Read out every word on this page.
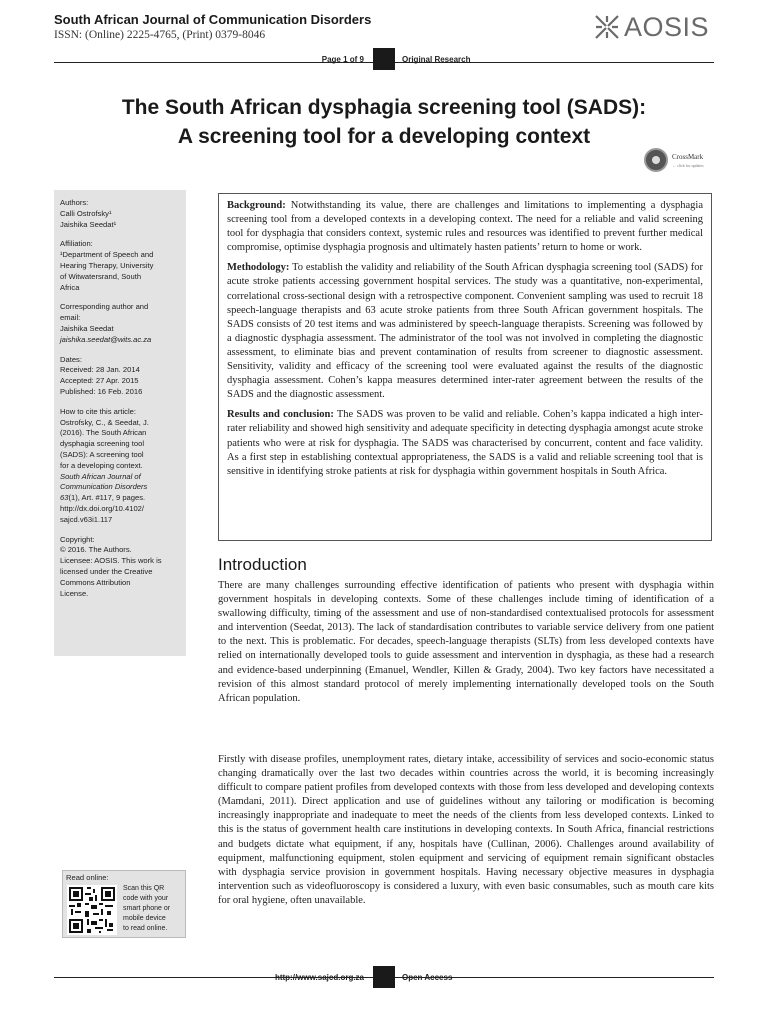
South African Journal of Communication Disorders
ISSN: (Online) 2225-4765, (Print) 0379-8046	AOSIS
Page 1 of 9	Original Research
The South African dysphagia screening tool (SADS):
A screening tool for a developing context
CrossMark
← click for updates
Authors:
Calli Ostrofsky¹
Jaishika Seedat¹
Affiliation:
¹Department of Speech and
Hearing Therapy, University
of Witwatersrand, South
Africa
Corresponding author and
email:
Jaishika Seedat
jaishika.seedat@wits.ac.za
Dates:
Received: 28 Jan. 2014
Accepted: 27 Apr. 2015
Published: 16 Feb. 2016
How to cite this article:
Ostrofsky, C., & Seedat, J.
(2016). The South African
dysphagia screening tool
(SADS): A screening tool
for a developing context.
South African Journal of
Communication Disorders
63(1), Art. #117, 9 pages.
http://dx.doi.org/10.4102/
sajcd.v63i1.117
Copyright:
© 2016. The Authors.
Licensee: AOSIS. This work is
licensed under the Creative
Commons Attribution
License.
Read online:
Scan this QR
code with your
smart phone or
mobile device
to read online.

Background: Notwithstanding its value, there are challenges and limitations to implementing a dysphagia screening tool from a developed contexts in a developing context. The need for a reliable and valid screening tool for dysphagia that considers context, systemic rules and resources was identified to prevent further medical compromise, optimise dysphagia prognosis and ultimately hasten patients’ return to home or work.

Methodology: To establish the validity and reliability of the South African dysphagia screening tool (SADS) for acute stroke patients accessing government hospital services. The study was a quantitative, non-experimental, correlational cross-sectional design with a retrospective component. Convenient sampling was used to recruit 18 speech-language therapists and 63 acute stroke patients from three South African government hospitals. The SADS consists of 20 test items and was administered by speech-language therapists. Screening was followed by a diagnostic dysphagia assessment. The administrator of the tool was not involved in completing the diagnostic assessment, to eliminate bias and prevent contamination of results from screener to diagnostic assessment. Sensitivity, validity and efficacy of the screening tool were evaluated against the results of the diagnostic dysphagia assessment. Cohen’s kappa measures determined inter-rater agreement between the results of the SADS and the diagnostic assessment.

Results and conclusion: The SADS was proven to be valid and reliable. Cohen’s kappa indicated a high inter-rater reliability and showed high sensitivity and adequate specificity in detecting dysphagia amongst acute stroke patients who were at risk for dysphagia. The SADS was characterised by concurrent, content and face validity. As a first step in establishing contextual appropriateness, the SADS is a valid and reliable screening tool that is sensitive in identifying stroke patients at risk for dysphagia within government hospitals in South Africa.

Introduction
There are many challenges surrounding effective identification of patients who present with dysphagia within government hospitals in developing contexts. Some of these challenges include timing of identification of a swallowing difficulty, timing of the assessment and use of non-standardised contextualised protocols for assessment and intervention (Seedat, 2013). The lack of standardisation contributes to variable service delivery from one patient to the next. This is problematic. For decades, speech-language therapists (SLTs) from less developed contexts have relied on internationally developed tools to guide assessment and intervention in dysphagia, as these had a research and evidence-based underpinning (Emanuel, Wendler, Killen & Grady, 2004). Two key factors have necessitated a revision of this almost standard protocol of merely implementing internationally developed tools on the South African population.
Firstly with disease profiles, unemployment rates, dietary intake, accessibility of services and socio-economic status changing dramatically over the last two decades within countries across the world, it is becoming increasingly difficult to compare patient profiles from developed contexts with those from less developed and developing contexts (Mamdani, 2011). Direct application and use of guidelines without any tailoring or modification is becoming increasingly inappropriate and inadequate to meet the needs of the clients from less developed contexts. Linked to this is the status of government health care institutions in developing contexts. In South Africa, financial restrictions and budgets dictate what equipment, if any, hospitals have (Cullinan, 2006). Challenges around availability of equipment, malfunctioning equipment, stolen equipment and servicing of equipment remain significant obstacles with dysphagia service provision in government hospitals. Having necessary objective measures in dysphagia intervention such as videofluoroscopy is considered a luxury, with even basic consumables, such as mouth care kits for oral hygiene, often unavailable.
http://www.sajcd.org.za	Open Access
